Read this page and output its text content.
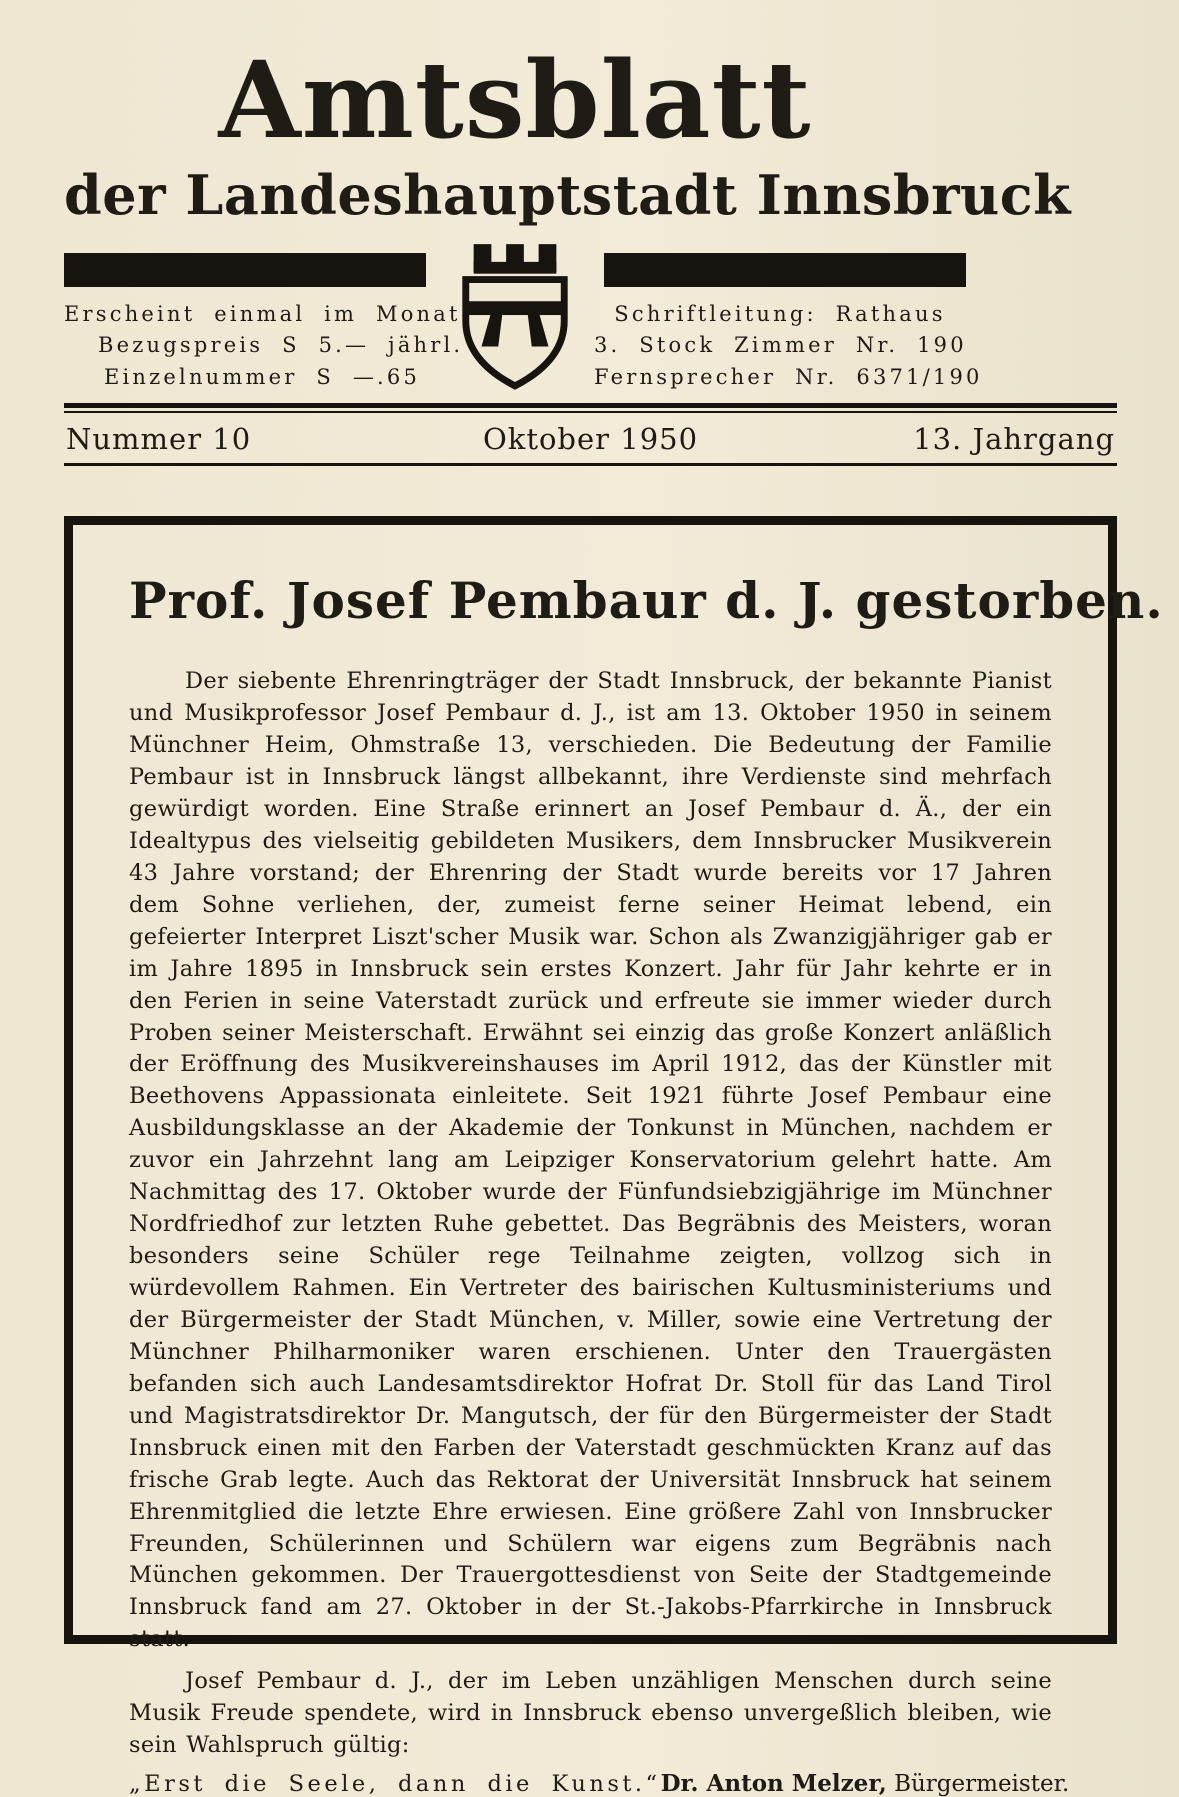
Amtsblatt
der Landeshauptstadt Innsbruck
Erscheint einmal im Monat
Bezugspreis S 5.— jährl.
Einzelnummer S —.65
Schriftleitung: Rathaus
3. Stock Zimmer Nr. 190
Fernsprecher Nr. 6371/190
Nummer 10	Oktober 1950	13. Jahrgang
Prof. Josef Pembaur d. J. gestorben.

Der siebente Ehrenringträger der Stadt Innsbruck, der bekannte Pianist und Musikprofessor Josef Pembaur d. J., ist am 13. Oktober 1950 in seinem Münchner Heim, Ohmstraße 13, verschieden. Die Bedeutung der Familie Pembaur ist in Innsbruck längst allbekannt, ihre Verdienste sind mehrfach gewürdigt worden. Eine Straße erinnert an Josef Pembaur d. Ä., der ein Idealtypus des vielseitig gebildeten Musikers, dem Innsbrucker Musikverein 43 Jahre vorstand; der Ehrenring der Stadt wurde bereits vor 17 Jahren dem Sohne verliehen, der, zumeist ferne seiner Heimat lebend, ein gefeierter Interpret Liszt'scher Musik war. Schon als Zwanzigjähriger gab er im Jahre 1895 in Innsbruck sein erstes Konzert. Jahr für Jahr kehrte er in den Ferien in seine Vaterstadt zurück und erfreute sie immer wieder durch Proben seiner Meisterschaft. Erwähnt sei einzig das große Konzert anläßlich der Eröffnung des Musikvereinshauses im April 1912, das der Künstler mit Beethovens Appassionata einleitete. Seit 1921 führte Josef Pembaur eine Ausbildungsklasse an der Akademie der Tonkunst in München, nachdem er zuvor ein Jahrzehnt lang am Leipziger Konservatorium gelehrt hatte. Am Nachmittag des 17. Oktober wurde der Fünfundsiebzigjährige im Münchner Nordfriedhof zur letzten Ruhe gebettet. Das Begräbnis des Meisters, woran besonders seine Schüler rege Teilnahme zeigten, vollzog sich in würdevollem Rahmen. Ein Vertreter des bairischen Kultusministeriums und der Bürgermeister der Stadt München, v. Miller, sowie eine Vertretung der Münchner Philharmoniker waren erschienen. Unter den Trauergästen befanden sich auch Landesamtsdirektor Hofrat Dr. Stoll für das Land Tirol und Magistratsdirektor Dr. Mangutsch, der für den Bürgermeister der Stadt Innsbruck einen mit den Farben der Vaterstadt geschmückten Kranz auf das frische Grab legte. Auch das Rektorat der Universität Innsbruck hat seinem Ehrenmitglied die letzte Ehre erwiesen. Eine größere Zahl von Innsbrucker Freunden, Schülerinnen und Schülern war eigens zum Begräbnis nach München gekommen. Der Trauergottesdienst von Seite der Stadtgemeinde Innsbruck fand am 27. Oktober in der St.-Jakobs-Pfarrkirche in Innsbruck statt.

Josef Pembaur d. J., der im Leben unzähligen Menschen durch seine Musik Freude spendete, wird in Innsbruck ebenso unvergeßlich bleiben, wie sein Wahlspruch gültig:

„Erst die Seele, dann die Kunst.“ Dr. Anton Melzer, Bürgermeister.
